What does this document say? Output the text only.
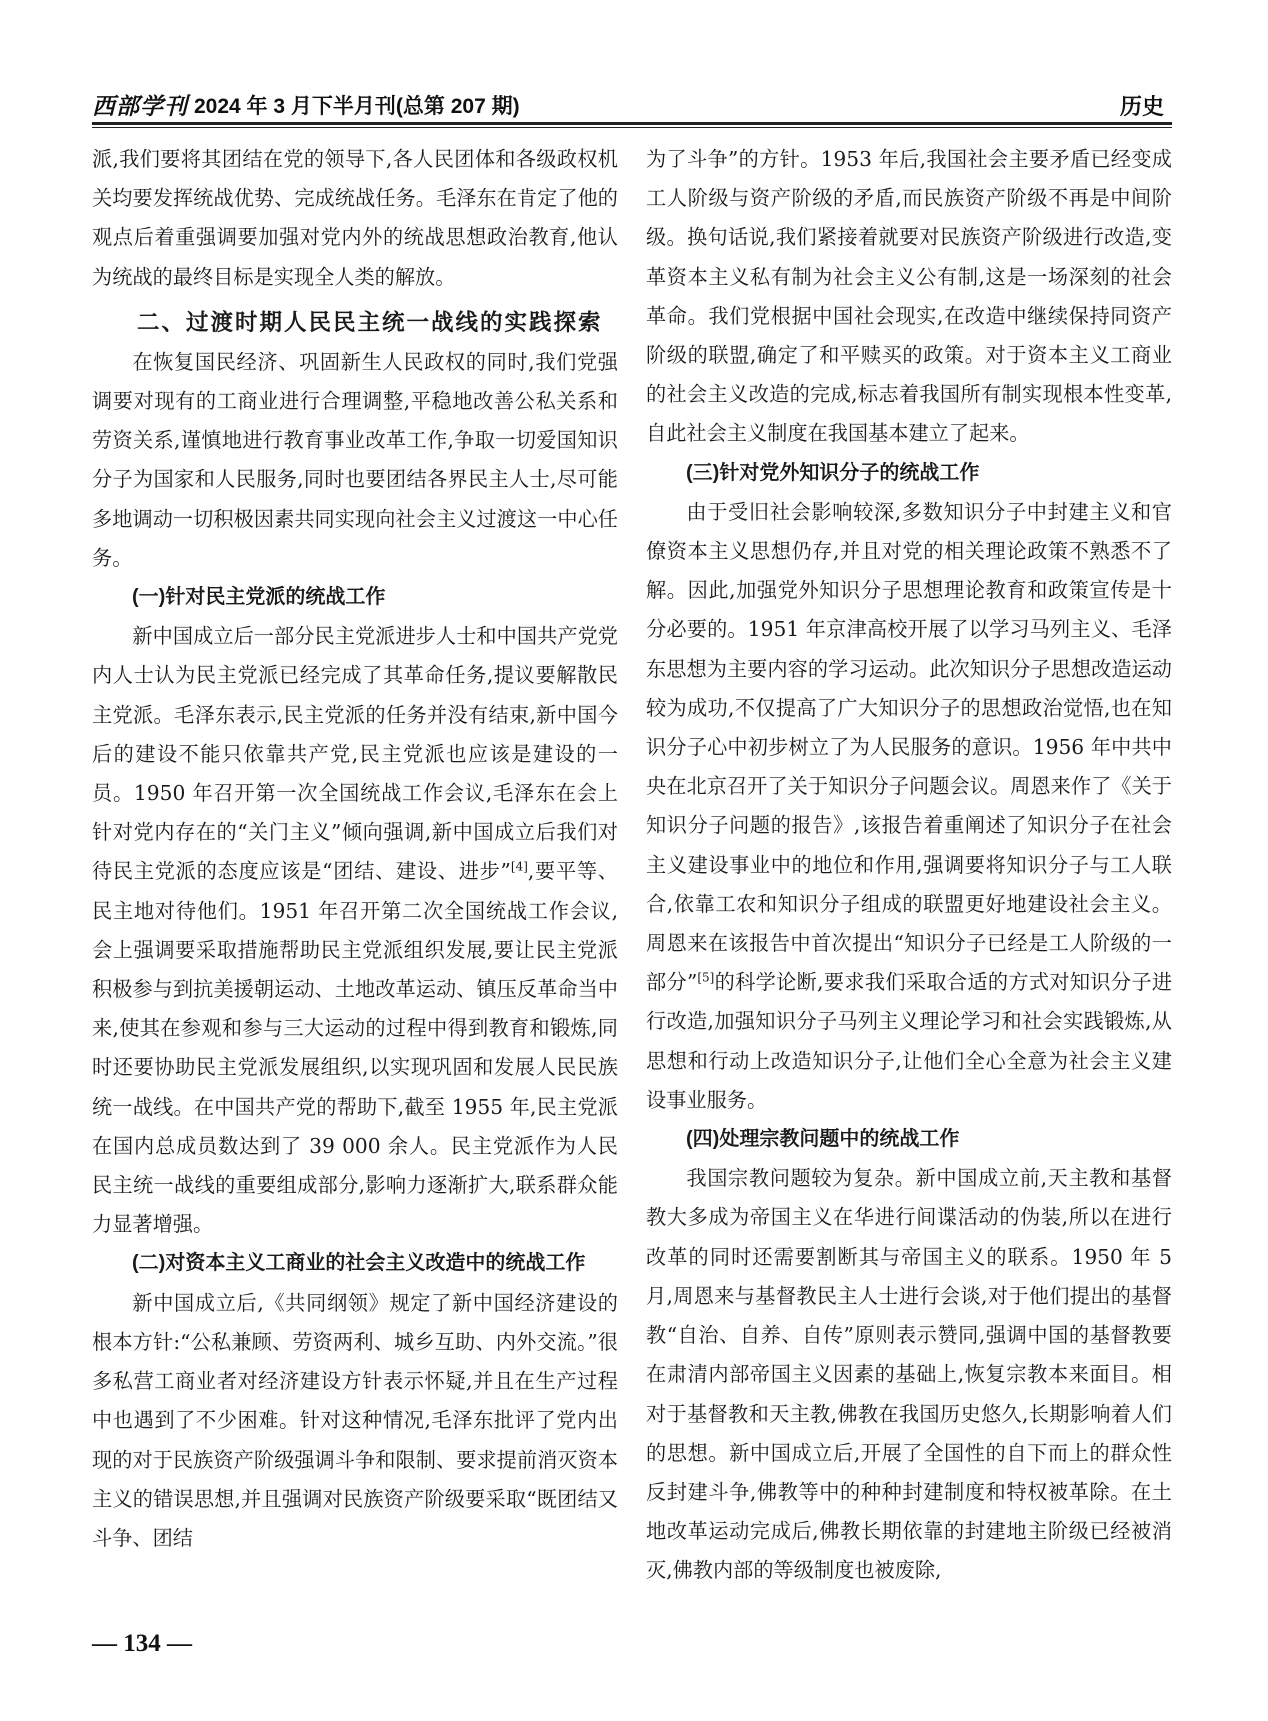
西部学刊 2024 年 3 月下半月刊(总第 207 期)	历史

派,我们要将其团结在党的领导下,各人民团体和各级政权机关均要发挥统战优势、完成统战任务。毛泽东在肯定了他的观点后着重强调要加强对党内外的统战思想政治教育,他认为统战的最终目标是实现全人类的解放。

二、过渡时期人民民主统一战线的实践探索

在恢复国民经济、巩固新生人民政权的同时,我们党强调要对现有的工商业进行合理调整,平稳地改善公私关系和劳资关系,谨慎地进行教育事业改革工作,争取一切爱国知识分子为国家和人民服务,同时也要团结各界民主人士,尽可能多地调动一切积极因素共同实现向社会主义过渡这一中心任务。

(一)针对民主党派的统战工作

新中国成立后一部分民主党派进步人士和中国共产党党内人士认为民主党派已经完成了其革命任务,提议要解散民主党派。毛泽东表示,民主党派的任务并没有结束,新中国今后的建设不能只依靠共产党,民主党派也应该是建设的一员。1950 年召开第一次全国统战工作会议,毛泽东在会上针对党内存在的“关门主义”倾向强调,新中国成立后我们对待民主党派的态度应该是“团结、建设、进步”[4],要平等、民主地对待他们。1951 年召开第二次全国统战工作会议,会上强调要采取措施帮助民主党派组织发展,要让民主党派积极参与到抗美援朝运动、土地改革运动、镇压反革命当中来,使其在参观和参与三大运动的过程中得到教育和锻炼,同时还要协助民主党派发展组织,以实现巩固和发展人民民族统一战线。在中国共产党的帮助下,截至 1955 年,民主党派在国内总成员数达到了 39 000 余人。民主党派作为人民民主统一战线的重要组成部分,影响力逐渐扩大,联系群众能力显著增强。

(二)对资本主义工商业的社会主义改造中的统战工作

新中国成立后,《共同纲领》规定了新中国经济建设的根本方针:“公私兼顾、劳资两利、城乡互助、内外交流。”很多私营工商业者对经济建设方针表示怀疑,并且在生产过程中也遇到了不少困难。针对这种情况,毛泽东批评了党内出现的对于民族资产阶级强调斗争和限制、要求提前消灭资本主义的错误思想,并且强调对民族资产阶级要采取“既团结又斗争、团结

为了斗争”的方针。1953 年后,我国社会主要矛盾已经变成工人阶级与资产阶级的矛盾,而民族资产阶级不再是中间阶级。换句话说,我们紧接着就要对民族资产阶级进行改造,变革资本主义私有制为社会主义公有制,这是一场深刻的社会革命。我们党根据中国社会现实,在改造中继续保持同资产阶级的联盟,确定了和平赎买的政策。对于资本主义工商业的社会主义改造的完成,标志着我国所有制实现根本性变革,自此社会主义制度在我国基本建立了起来。

(三)针对党外知识分子的统战工作

由于受旧社会影响较深,多数知识分子中封建主义和官僚资本主义思想仍存,并且对党的相关理论政策不熟悉不了解。因此,加强党外知识分子思想理论教育和政策宣传是十分必要的。1951 年京津高校开展了以学习马列主义、毛泽东思想为主要内容的学习运动。此次知识分子思想改造运动较为成功,不仅提高了广大知识分子的思想政治觉悟,也在知识分子心中初步树立了为人民服务的意识。1956 年中共中央在北京召开了关于知识分子问题会议。周恩来作了《关于知识分子问题的报告》,该报告着重阐述了知识分子在社会主义建设事业中的地位和作用,强调要将知识分子与工人联合,依靠工农和知识分子组成的联盟更好地建设社会主义。周恩来在该报告中首次提出“知识分子已经是工人阶级的一部分”[5]的科学论断,要求我们采取合适的方式对知识分子进行改造,加强知识分子马列主义理论学习和社会实践锻炼,从思想和行动上改造知识分子,让他们全心全意为社会主义建设事业服务。

(四)处理宗教问题中的统战工作

我国宗教问题较为复杂。新中国成立前,天主教和基督教大多成为帝国主义在华进行间谍活动的伪装,所以在进行改革的同时还需要割断其与帝国主义的联系。1950 年 5 月,周恩来与基督教民主人士进行会谈,对于他们提出的基督教“自治、自养、自传”原则表示赞同,强调中国的基督教要在肃清内部帝国主义因素的基础上,恢复宗教本来面目。相对于基督教和天主教,佛教在我国历史悠久,长期影响着人们的思想。新中国成立后,开展了全国性的自下而上的群众性反封建斗争,佛教等中的种种封建制度和特权被革除。在土地改革运动完成后,佛教长期依靠的封建地主阶级已经被消灭,佛教内部的等级制度也被废除,

— 134 —
